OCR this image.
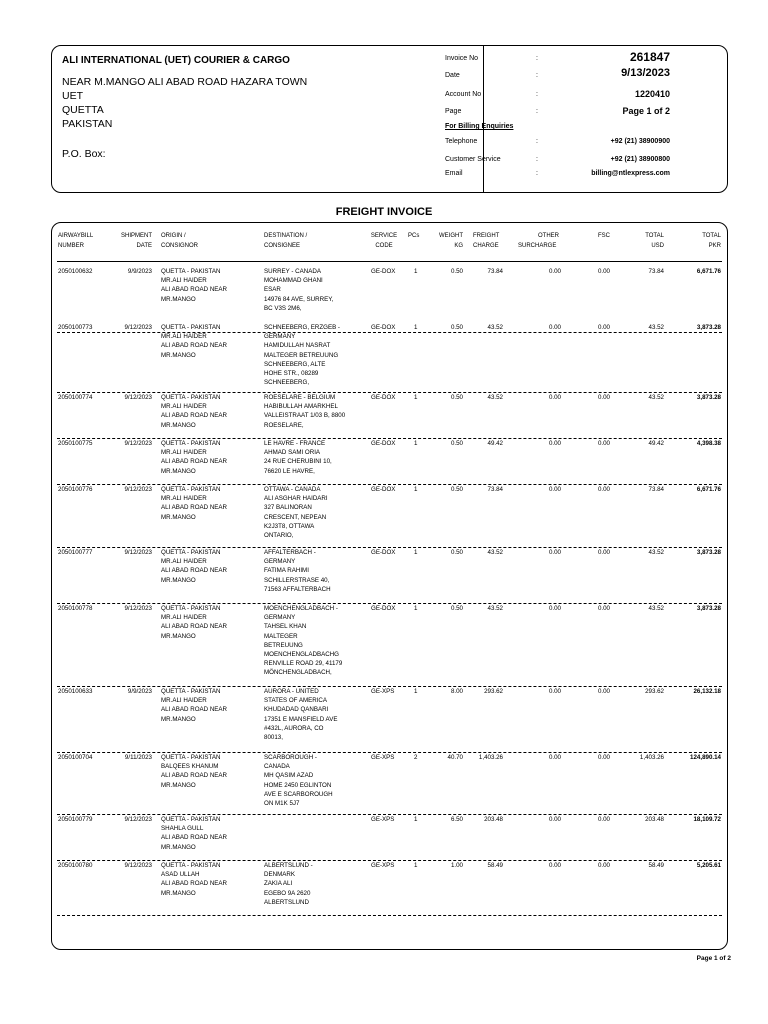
ALI INTERNATIONAL (UET) COURIER & CARGO
NEAR M.MANGO ALI ABAD ROAD HAZARA TOWN
UET
QUETTA
PAKISTAN
P.O. Box:
Invoice No	:	261847
Date	:	9/13/2023
Account No	:	1220410
Page	:	Page 1 of 2
For Billing Enquiries
Telephone	:	+92 (21) 38900900
Customer Service	:	+92 (21) 38900800
Email	:	billing@ntlexpress.com
FREIGHT INVOICE
AIRWAYBILL
NUMBER
SHIPMENT
DATE
ORIGIN /
CONSIGNOR
DESTINATION /
CONSIGNEE
SERVICE
CODE
PCs	WEIGHT
KG
FREIGHT
CHARGE
OTHER
SURCHARGE
FSC	TOTAL
USD
TOTAL
PKR
2050100632	9/9/2023 QUETTA - PAKISTAN
MR.ALI HAIDER
ALI ABAD ROAD NEAR
MR.MANGO
SURREY - CANADA
MOHAMMAD GHANI
ESAR
14976 84 AVE, SURREY,
BC V3S 2M6,
GE-DOX	1	0.50	73.84	0.00	0.00	73.84	6,671.76
2050100773	9/12/2023 QUETTA - PAKISTAN
MR.ALI HAIDER
ALI ABAD ROAD NEAR
MR.MANGO
SCHNEEBERG, ERZGEB -
GERMANY
HAMIDULLAH NASRAT
MALTEGER BETREUUNG
SCHNEEBERG, ALTE
HOHE STR., 08289
SCHNEEBERG,
GE-DOX	1	0.50	43.52	0.00	0.00	43.52	3,873.28
2050100774	9/12/2023 QUETTA - PAKISTAN
MR.ALI HAIDER
ALI ABAD ROAD NEAR
MR.MANGO
ROESELARE - BELGIUM
HABIBULLAH AMARKHEL
VALLEISTRAAT 1/03 B, 8800
ROESELARE,
GE-DOX	1	0.50	43.52	0.00	0.00	43.52	3,873.28
2050100775	9/12/2023 QUETTA - PAKISTAN
MR.ALI HAIDER
ALI ABAD ROAD NEAR
MR.MANGO
LE HAVRE - FRANCE
AHMAD SAMI ORIA
24 RUE CHERUBINI 10,
76620 LE HAVRE,
GE-DOX	1	0.50	49.42	0.00	0.00	49.42	4,398.38
2050100776	9/12/2023 QUETTA - PAKISTAN
MR.ALI HAIDER
ALI ABAD ROAD NEAR
MR.MANGO
OTTAWA - CANADA
ALI ASGHAR HAIDARI
327 BALINORAN
CRESCENT, NEPEAN
K2J3T8, OTTAWA
ONTARIO,
GE-DOX	1	0.50	73.84	0.00	0.00	73.84	6,671.76
2050100777	9/12/2023 QUETTA - PAKISTAN
MR.ALI HAIDER
ALI ABAD ROAD NEAR
MR.MANGO
AFFALTERBACH -
GERMANY
FATIMA RAHIMI
SCHILLERSTRASE 40,
71563 AFFALTERBACH
GE-DOX	1	0.50	43.52	0.00	0.00	43.52	3,873.28
2050100778	9/12/2023 QUETTA - PAKISTAN
MR.ALI HAIDER
ALI ABAD ROAD NEAR
MR.MANGO
MOENCHENGLADBACH -
GERMANY
TAHSEL KHAN
MALTEGER
BETREUUNG
MOENCHENGLADBACHG
RENVILLE ROAD 29, 41179
MÖNCHENGLADBACH,
GE-DOX	1	0.50	43.52	0.00	0.00	43.52	3,873.28
2050100633	9/9/2023 QUETTA - PAKISTAN
MR.ALI HAIDER
ALI ABAD ROAD NEAR
MR.MANGO
AURORA - UNITED
STATES OF AMERICA
KHUDADAD QANBARI
17351 E MANSFIELD AVE
#432L, AURORA, CO
80013,
GE-XPS	1	8.00	293.62	0.00	0.00	293.62	26,132.18
2050100704	9/11/2023 QUETTA - PAKISTAN
BALQEES KHANUM
ALI ABAD ROAD NEAR
MR.MANGO
SCARBOROUGH -
CANADA
MH QASIM AZAD
HOME 2450 EGLINTON
AVE E SCARBOROUGH
ON M1K 5J7
GE-XPS	2	40.70	1,403.26	0.00	0.00	1,403.26	124,890.14
2050100779	9/12/2023 QUETTA - PAKISTAN
SHAHLA GULL
ALI ABAD ROAD NEAR
MR.MANGO
GE-XPS	1	6.50	203.48	0.00	0.00	203.48	18,109.72
2050100780	9/12/2023 QUETTA - PAKISTAN
ASAD ULLAH
ALI ABAD ROAD NEAR
MR.MANGO
ALBERTSLUND -
DENMARK
ZAKIA ALI
EGEBO 9A 2620
ALBERTSLUND
GE-XPS	1	1.00	58.49	0.00	0.00	58.49	5,205.61
Page 1 of 2
